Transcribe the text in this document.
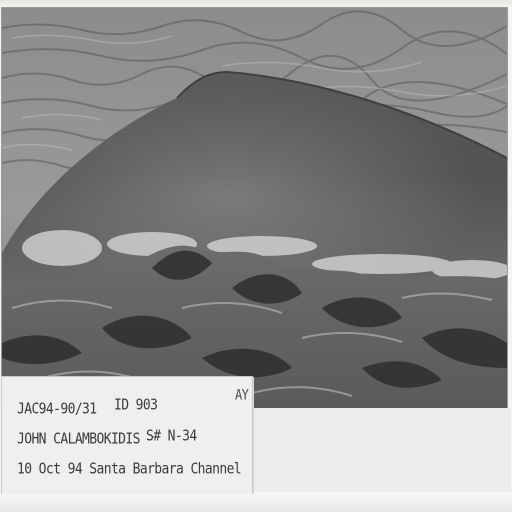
JAC94-90/31 ID 903
AY
JOHN CALAMBOKIDIS S# N-34
10 Oct 94 Santa Barbara Channel
